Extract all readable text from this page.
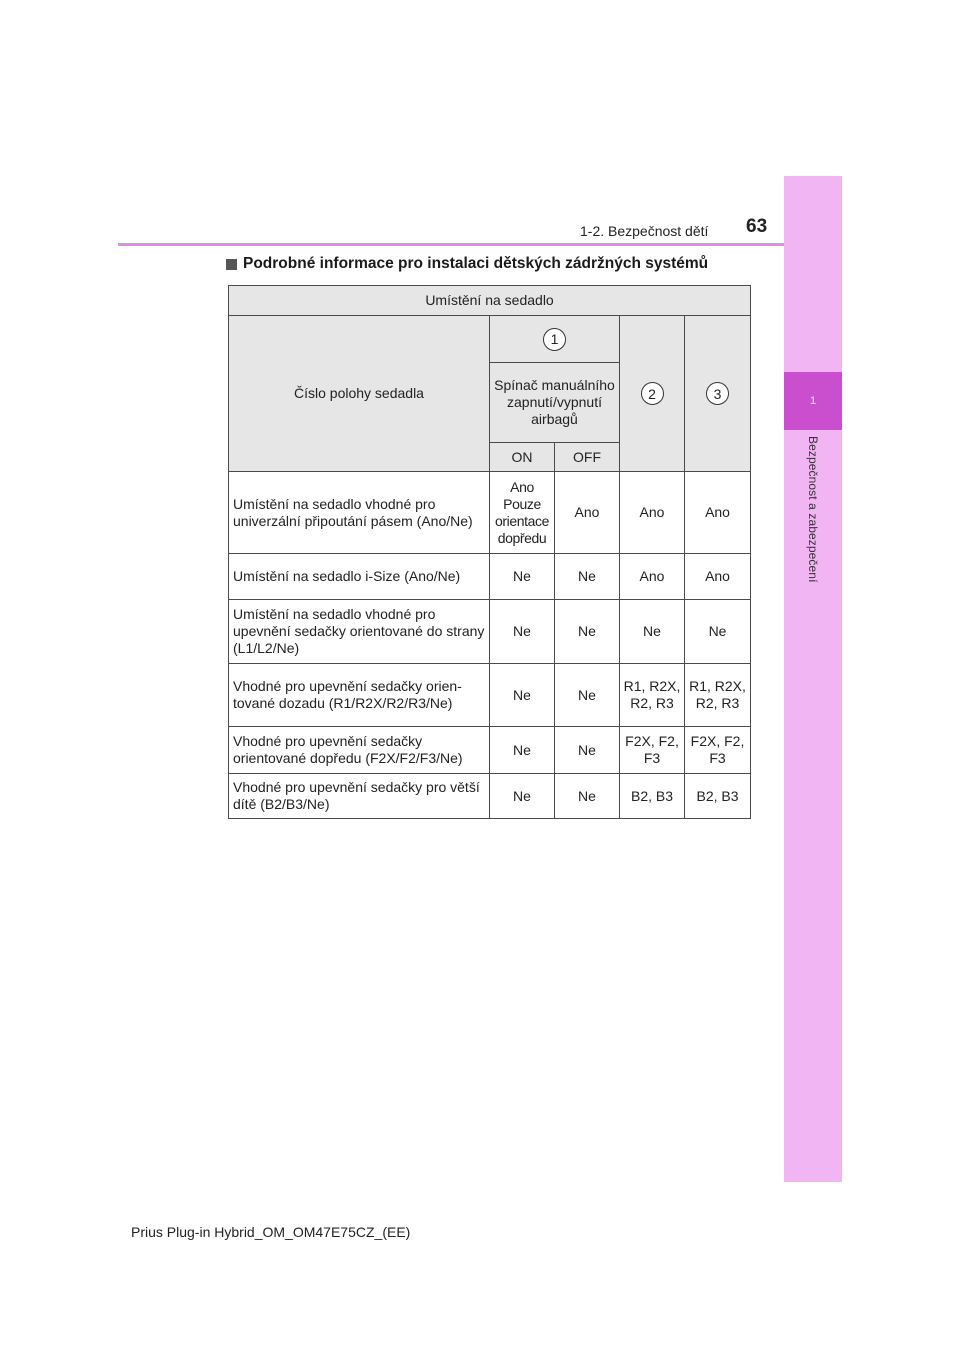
1
Bezpečnost a zabezpečení
1-2. Bezpečnost dětí 63
Podrobné informace pro instalaci dětských zádržných systémů
Umístění na sedadlo				
Číslo polohy sedadla	1		2	3
	Spínač manuálního zapnutí/vypnutí airbagů			
	ON	OFF		
Umístění na sedadlo vhodné pro univerzální připoutání pásem (Ano/Ne)	Ano Pouze orientace dopředu	Ano	Ano	Ano
Umístění na sedadlo i-Size (Ano/Ne)	Ne	Ne	Ano	Ano
Umístění na sedadlo vhodné pro upevnění sedačky orientované do strany (L1/L2/Ne)	Ne	Ne	Ne	Ne
Vhodné pro upevnění sedačky orien-tované dozadu (R1/R2X/R2/R3/Ne)	Ne	Ne	R1, R2X, R2, R3	R1, R2X, R2, R3
Vhodné pro upevnění sedačky orientované dopředu (F2X/F2/F3/Ne)	Ne	Ne	F2X, F2, F3	F2X, F2, F3
Vhodné pro upevnění sedačky pro větší dítě (B2/B3/Ne)	Ne	Ne	B2, B3	B2, B3
Prius Plug-in Hybrid_OM_OM47E75CZ_(EE)
